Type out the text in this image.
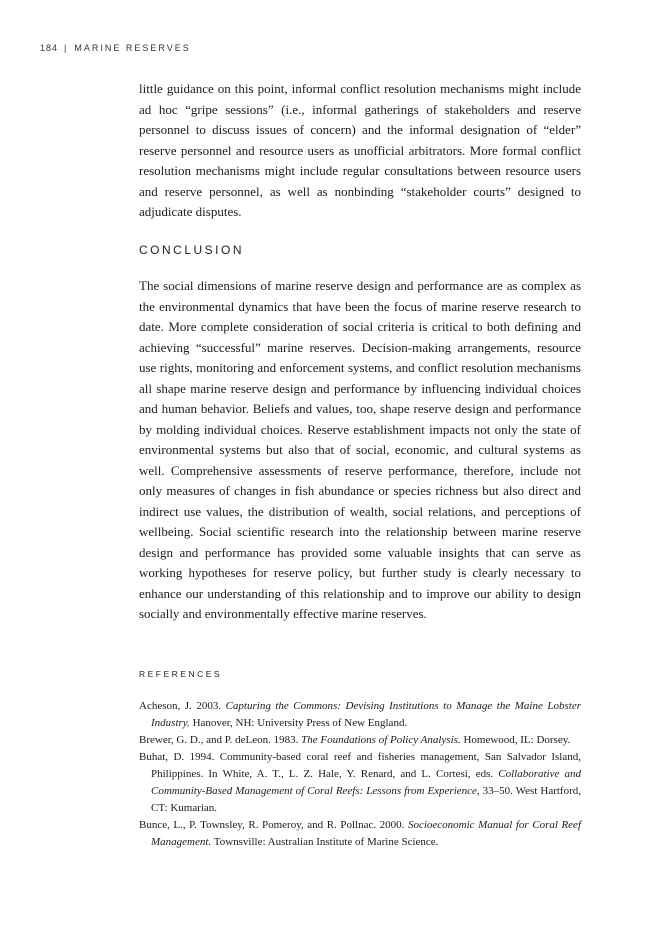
184 | MARINE RESERVES

little guidance on this point, informal conflict resolution mechanisms might include ad hoc “gripe sessions” (i.e., informal gatherings of stakeholders and reserve personnel to discuss issues of concern) and the informal designation of “elder” reserve personnel and resource users as unofficial arbitrators. More formal conflict resolution mechanisms might include regular consultations between resource users and reserve personnel, as well as nonbinding “stakeholder courts” designed to adjudicate disputes.

CONCLUSION

The social dimensions of marine reserve design and performance are as complex as the environmental dynamics that have been the focus of marine reserve research to date. More complete consideration of social criteria is critical to both defining and achieving “successful” marine reserves. Decision-making arrangements, resource use rights, monitoring and enforcement systems, and conflict resolution mechanisms all shape marine reserve design and performance by influencing individual choices and human behavior. Beliefs and values, too, shape reserve design and performance by molding individual choices. Reserve establishment impacts not only the state of environmental systems but also that of social, economic, and cultural systems as well. Comprehensive assessments of reserve performance, therefore, include not only measures of changes in fish abundance or species richness but also direct and indirect use values, the distribution of wealth, social relations, and perceptions of wellbeing. Social scientific research into the relationship between marine reserve design and performance has provided some valuable insights that can serve as working hypotheses for reserve policy, but further study is clearly necessary to enhance our understanding of this relationship and to improve our ability to design socially and environmentally effective marine reserves.

REFERENCES
Acheson, J. 2003. Capturing the Commons: Devising Institutions to Manage the Maine Lobster Industry. Hanover, NH: University Press of New England.
Brewer, G. D., and P. deLeon. 1983. The Foundations of Policy Analysis. Homewood, IL: Dorsey.
Buhat, D. 1994. Community-based coral reef and fisheries management, San Salvador Island, Philippines. In White, A. T., L. Z. Hale, Y. Renard, and L. Cortesi, eds. Collaborative and Community-Based Management of Coral Reefs: Lessons from Experience, 33–50. West Hartford, CT: Kumarian.
Bunce, L., P. Townsley, R. Pomeroy, and R. Pollnac. 2000. Socioeconomic Manual for Coral Reef Management. Townsville: Australian Institute of Marine Science.
